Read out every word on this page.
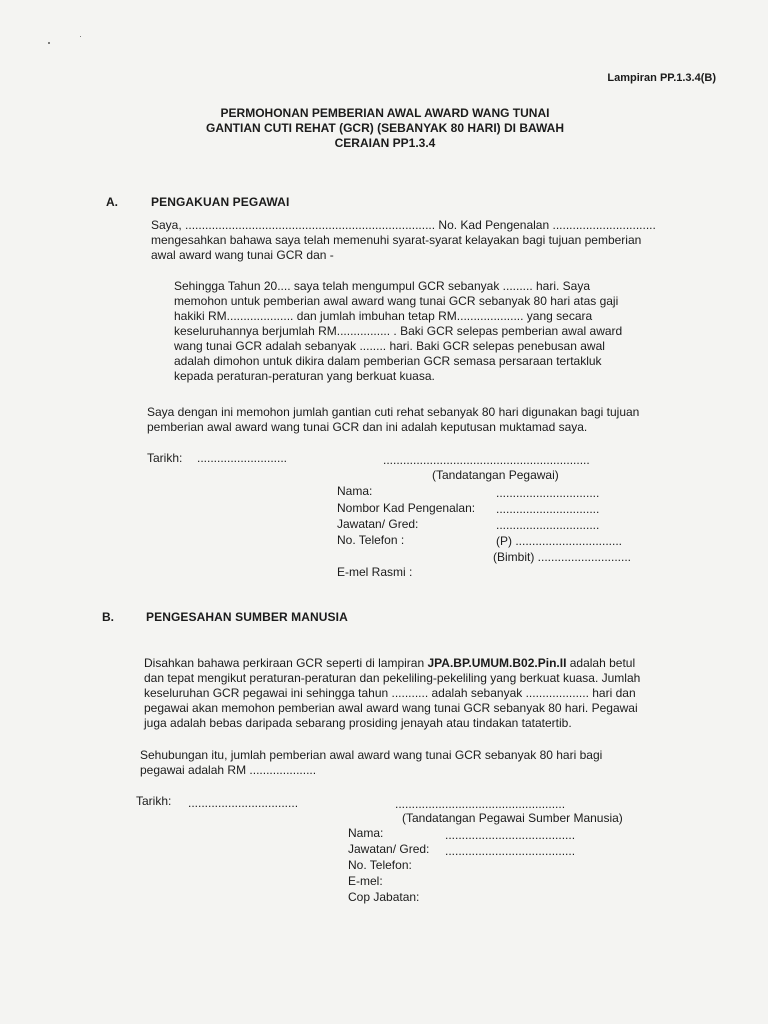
Lampiran PP.1.3.4(B)
PERMOHONAN PEMBERIAN AWAL AWARD WANG TUNAI
GANTIAN CUTI REHAT (GCR) (SEBANYAK 80 HARI) DI BAWAH
CERAIAN PP1.3.4
A.	PENGAKUAN PEGAWAI
Saya, ........................................................................... No. Kad Pengenalan ...............................
mengesahkan bahawa saya telah memenuhi syarat-syarat kelayakan bagi tujuan pemberian
awal award wang tunai GCR dan -
Sehingga Tahun 20.... saya telah mengumpul GCR sebanyak ......... hari. Saya
memohon untuk pemberian awal award wang tunai GCR sebanyak 80 hari atas gaji
hakiki RM.................... dan jumlah imbuhan tetap RM.................... yang secara
keseluruhannya berjumlah RM................ . Baki GCR selepas pemberian awal award
wang tunai GCR adalah sebanyak ........ hari. Baki GCR selepas penebusan awal
adalah dimohon untuk dikira dalam pemberian GCR semasa persaraan tertakluk
kepada peraturan-peraturan yang berkuat kuasa.
Saya dengan ini memohon jumlah gantian cuti rehat sebanyak 80 hari digunakan bagi tujuan
pemberian awal award wang tunai GCR dan ini adalah keputusan muktamad saya.
Tarikh: ...........................	..............................................................
(Tandatangan Pegawai)
Nama:	...............................
Nombor Kad Pengenalan: ...............................
Jawatan/ Gred:	...............................
No. Telefon :	(P) ................................
(Bimbit) ............................
E-mel Rasmi :
B.	PENGESAHAN SUMBER MANUSIA
Disahkan bahawa perkiraan GCR seperti di lampiran JPA.BP.UMUM.B02.Pin.II adalah betul
dan tepat mengikut peraturan-peraturan dan pekeliling-pekeliling yang berkuat kuasa. Jumlah
keseluruhan GCR pegawai ini sehingga tahun ........... adalah sebanyak ................... hari dan
pegawai akan memohon pemberian awal award wang tunai GCR sebanyak 80 hari. Pegawai
juga adalah bebas daripada sebarang prosiding jenayah atau tindakan tatatertib.
Sehubungan itu, jumlah pemberian awal award wang tunai GCR sebanyak 80 hari bagi
pegawai adalah RM ....................
Tarikh: .................................	...................................................
(Tandatangan Pegawai Sumber Manusia)
Nama:	.......................................
Jawatan/ Gred: .......................................
No. Telefon:
E-mel:
Cop Jabatan:
